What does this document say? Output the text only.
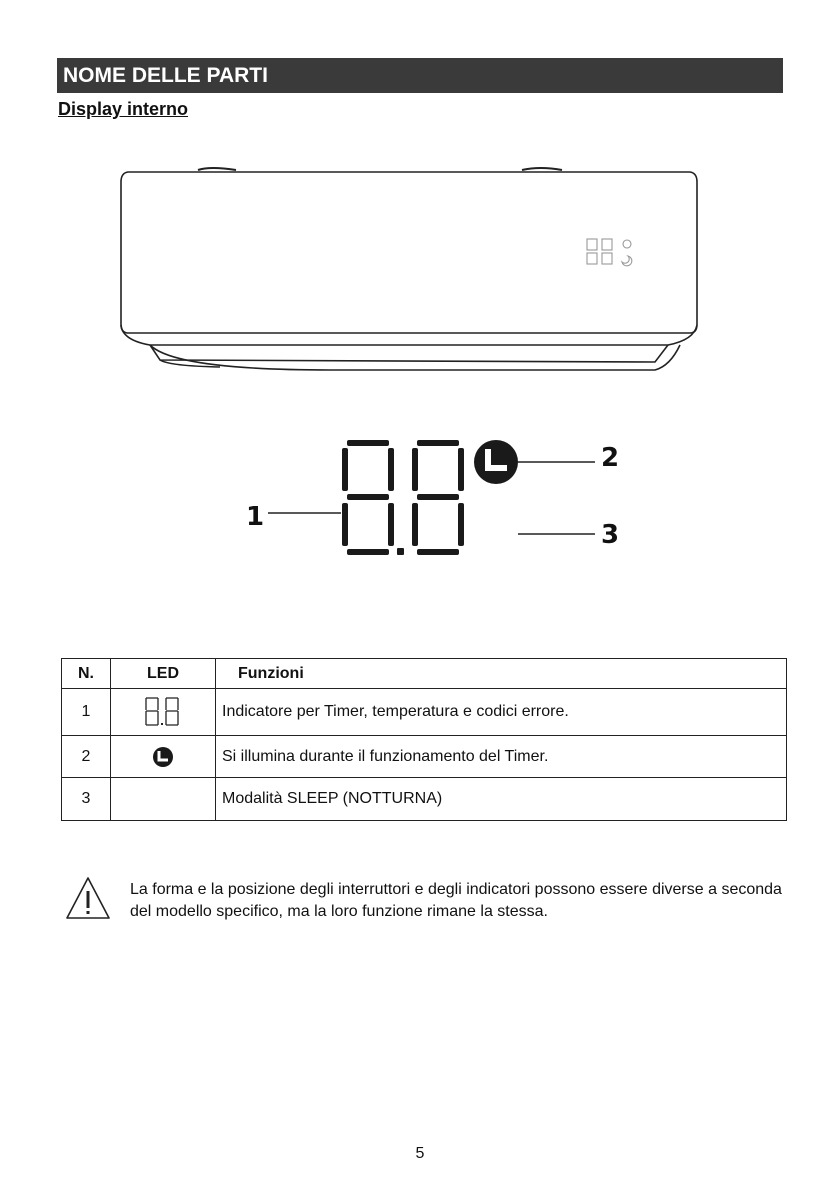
NOME DELLE PARTI
Display interno
1
2
3
N.	LED	Funzioni
1		Indicatore per Timer, temperatura e codici errore.
2		Si illumina durante il funzionamento del Timer.
3		Modalità SLEEP (NOTTURNA)
La forma e la posizione degli interruttori e degli indicatori possono essere diverse a seconda del modello specifico, ma la loro funzione rimane la stessa.
5
